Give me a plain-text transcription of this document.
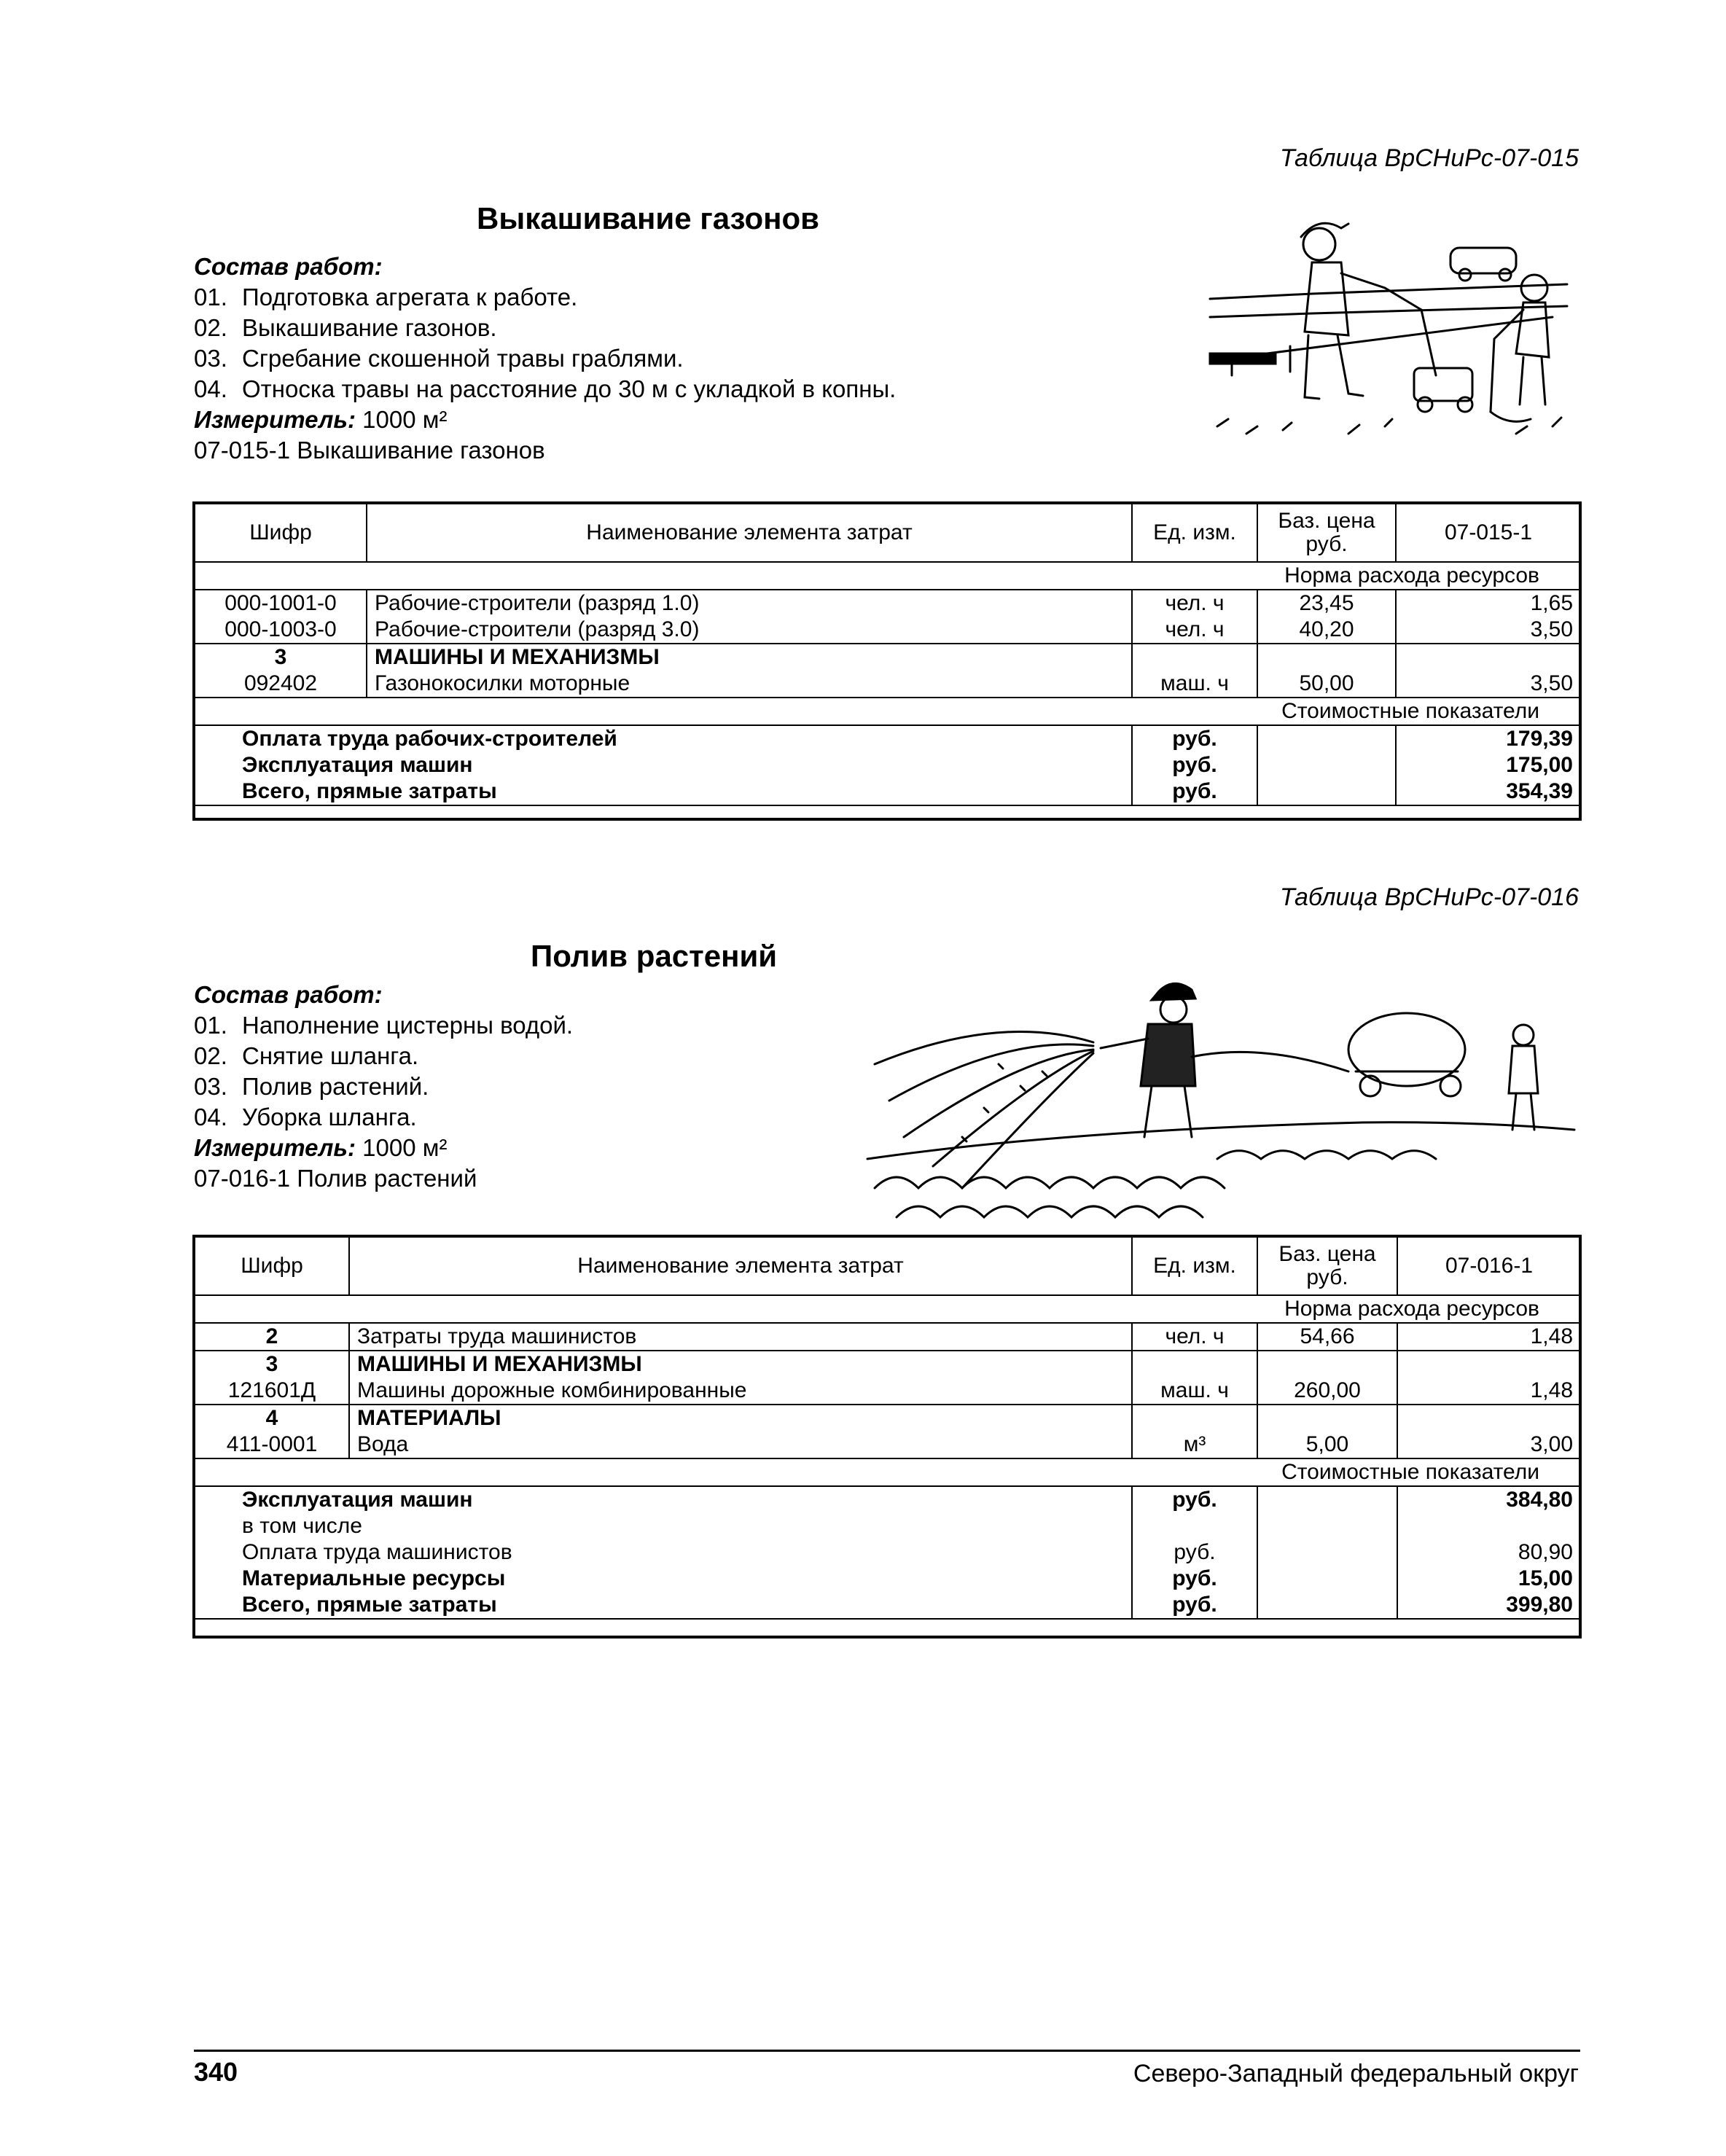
Таблица ВрСНиРс-07-015
Выкашивание газонов
Состав работ:
01. Подготовка агрегата к работе.
02. Выкашивание газонов.
03. Сгребание скошенной травы граблями.
04. Относка травы на расстояние до 30 м с укладкой в копны.
Измеритель: 1000 м²
07-015-1 Выкашивание газонов
Шифр	Наименование элемента затрат	Ед. изм.	Баз. цена руб.	07-015-1
Норма расхода ресурсов				
000-1001-0	Рабочие-строители (разряд 1.0)	чел. ч	23,45	1,65
000-1003-0	Рабочие-строители (разряд 3.0)	чел. ч	40,20	3,50
3	МАШИНЫ И МЕХАНИЗМЫ			
092402	Газонокосилки моторные	маш. ч	50,00	3,50
Стоимостные показатели				
Оплата труда рабочих-строителей		руб.		179,39
Эксплуатация машин		руб.		175,00
Всего, прямые затраты		руб.		354,39
Таблица ВрСНиРс-07-016
Полив растений
Состав работ:
01. Наполнение цистерны водой.
02. Снятие шланга.
03. Полив растений.
04. Уборка шланга.
Измеритель: 1000 м²
07-016-1 Полив растений
Шифр	Наименование элемента затрат	Ед. изм.	Баз. цена руб.	07-016-1
Норма расхода ресурсов				
2	Затраты труда машинистов	чел. ч	54,66	1,48
3	МАШИНЫ И МЕХАНИЗМЫ			
121601Д	Машины дорожные комбинированные	маш. ч	260,00	1,48
4	МАТЕРИАЛЫ			
411-0001	Вода	м³	5,00	3,00
Стоимостные показатели				
Эксплуатация машин		руб.		384,80
в том числе				
Оплата труда машинистов		руб.		80,90
Материальные ресурсы		руб.		15,00
Всего, прямые затраты		руб.		399,80
340	Северо-Западный федеральный округ
